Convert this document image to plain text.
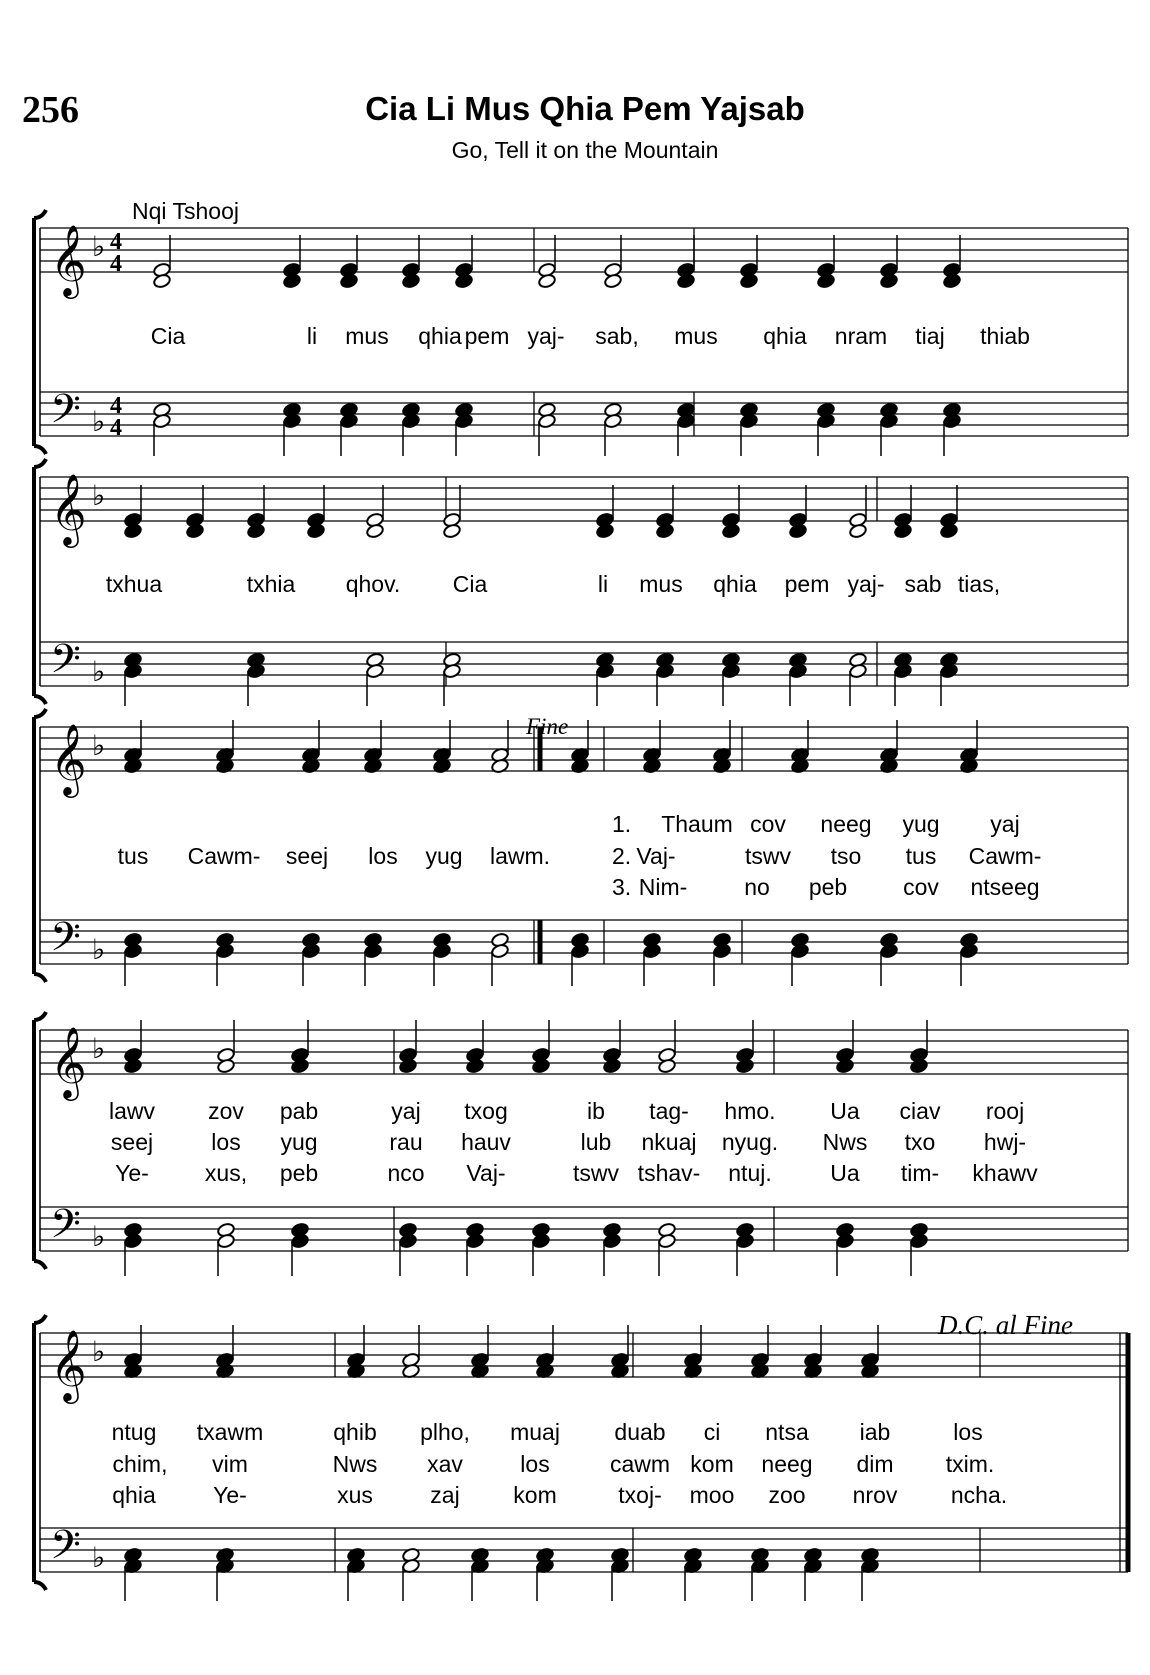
256	Cia Li Mus Qhia Pem Yajsab
Go, Tell it on the Mountain
Nqi Tshooj
Fine
D.C. al Fine
𝄞
𝄢
♭
♭
4
4
4
4
𝄞
𝄢
♭
♭
𝄞
𝄢
♭
♭
𝄞
𝄢
♭
♭
𝄞
𝄢
♭
♭
Cia	li mus qhia pem yaj- sab, mus qhia nram tiaj thiab
txhua	txhia qhov. Cia	li mus qhia pem yaj- sab tias,
tus Cawm- seej los yug lawm.
Thaum cov neeg yug yaj
Vaj-	tswv tso tus Cawm-
Nim- no peb cov ntseeg
lawv zov pab	yaj txog	ib tag- hmo. Ua ciav rooj
seej	los yug	rau hauv	lub nkuaj nyug. Nws txo hwj-
Ye- xus, peb	nco Vaj-	tswv tshav- ntuj.	Ua tim- khawv
ntug txawm	qhib plho, muaj duab ci ntsa iab	los
chim, vim	Nws xav los	cawm kom neeg dim txim.
qhia Ye-	xus zaj kom	txoj- moo zoo nrov ncha.
1.
2.
3.
